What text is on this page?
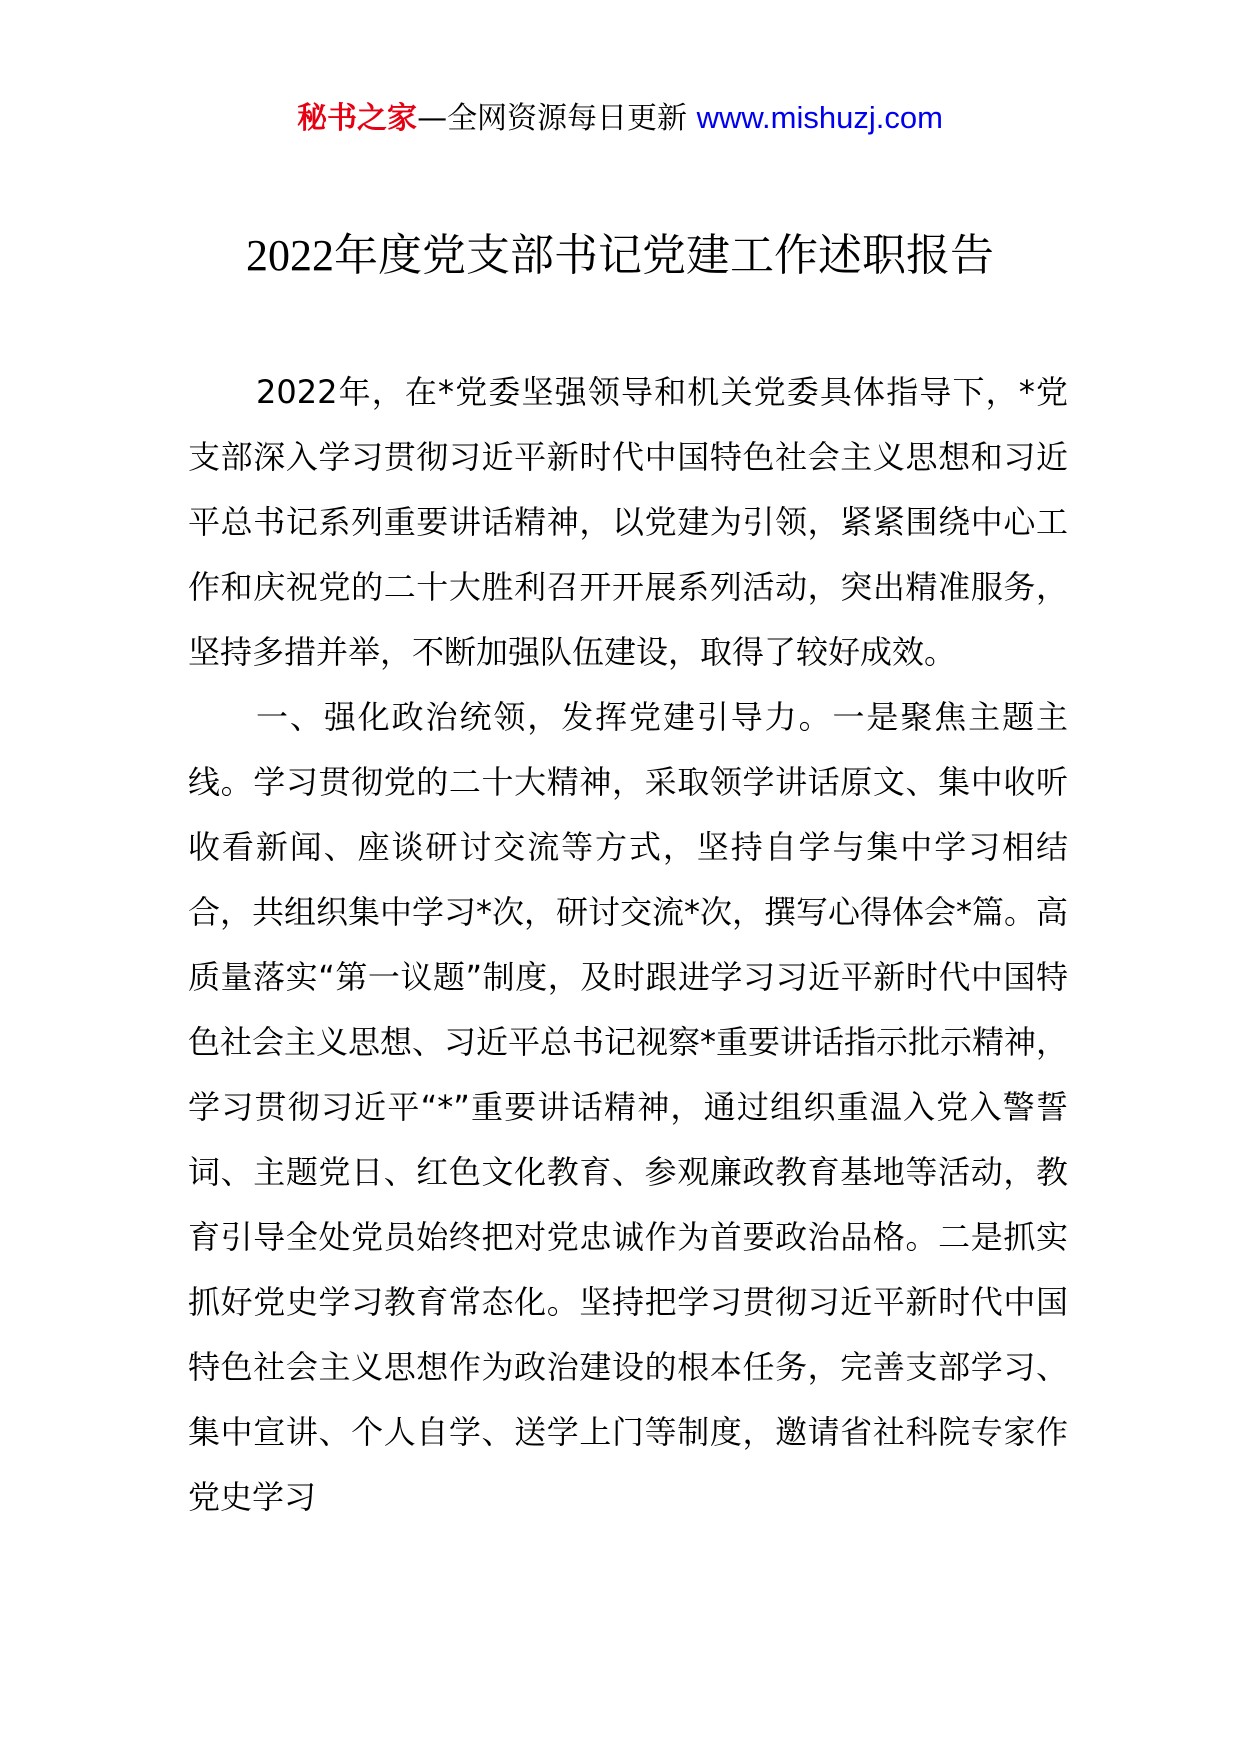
秘书之家—全网资源每日更新 www.mishuzj.com
2022年度党支部书记党建工作述职报告

2022年，在*党委坚强领导和机关党委具体指导下，*党支部深入学习贯彻习近平新时代中国特色社会主义思想和习近平总书记系列重要讲话精神，以党建为引领，紧紧围绕中心工作和庆祝党的二十大胜利召开开展系列活动，突出精准服务，坚持多措并举，不断加强队伍建设，取得了较好成效。

一、强化政治统领，发挥党建引导力。一是聚焦主题主线。学习贯彻党的二十大精神，采取领学讲话原文、集中收听收看新闻、座谈研讨交流等方式，坚持自学与集中学习相结合，共组织集中学习*次，研讨交流*次，撰写心得体会*篇。高质量落实“第一议题”制度，及时跟进学习习近平新时代中国特色社会主义思想、习近平总书记视察*重要讲话指示批示精神，学习贯彻习近平“*”重要讲话精神，通过组织重温入党入警誓词、主题党日、红色文化教育、参观廉政教育基地等活动，教育引导全处党员始终把对党忠诚作为首要政治品格。二是抓实抓好党史学习教育常态化。坚持把学习贯彻习近平新时代中国特色社会主义思想作为政治建设的根本任务，完善支部学习、集中宣讲、个人自学、送学上门等制度，邀请省社科院专家作党史学习
